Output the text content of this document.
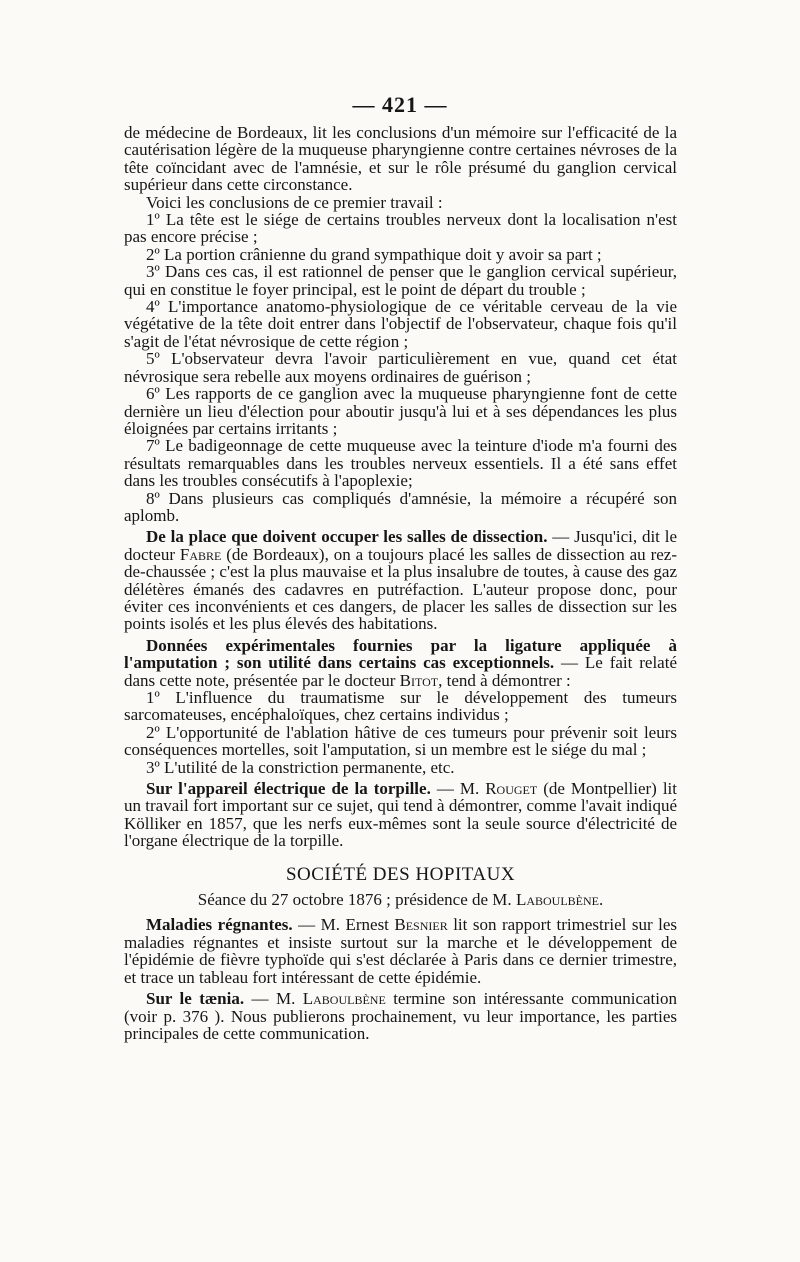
— 421 —

de médecine de Bordeaux, lit les conclusions d'un mémoire sur l'efficacité de la cautérisation légère de la muqueuse pharyngienne contre certaines névroses de la tête coïncidant avec de l'amnésie, et sur le rôle présumé du ganglion cervical supérieur dans cette circonstance.

Voici les conclusions de ce premier travail :

1º La tête est le siége de certains troubles nerveux dont la localisation n'est pas encore précise ;

2º La portion crânienne du grand sympathique doit y avoir sa part ;

3º Dans ces cas, il est rationnel de penser que le ganglion cervical supérieur, qui en constitue le foyer principal, est le point de départ du trouble ;

4º L'importance anatomo-physiologique de ce véritable cerveau de la vie végétative de la tête doit entrer dans l'objectif de l'observateur, chaque fois qu'il s'agit de l'état névrosique de cette région ;

5º L'observateur devra l'avoir particulièrement en vue, quand cet état névrosique sera rebelle aux moyens ordinaires de guérison ;

6º Les rapports de ce ganglion avec la muqueuse pharyngienne font de cette dernière un lieu d'élection pour aboutir jusqu'à lui et à ses dépendances les plus éloignées par certains irritants ;

7º Le badigeonnage de cette muqueuse avec la teinture d'iode m'a fourni des résultats remarquables dans les troubles nerveux essentiels. Il a été sans effet dans les troubles consécutifs à l'apoplexie;

8º Dans plusieurs cas compliqués d'amnésie, la mémoire a récupéré son aplomb.

De la place que doivent occuper les salles de dissection. — Jusqu'ici, dit le docteur Fabre (de Bordeaux), on a toujours placé les salles de dissection au rez-de-chaussée ; c'est la plus mauvaise et la plus insalubre de toutes, à cause des gaz délétères émanés des cadavres en putréfaction. L'auteur propose donc, pour éviter ces inconvénients et ces dangers, de placer les salles de dissection sur les points isolés et les plus élevés des habitations.

Données expérimentales fournies par la ligature appliquée à l'amputation ; son utilité dans certains cas exceptionnels. — Le fait relaté dans cette note, présentée par le docteur Bitot, tend à démontrer :

1º L'influence du traumatisme sur le développement des tumeurs sarcomateuses, encéphaloïques, chez certains individus ;

2º L'opportunité de l'ablation hâtive de ces tumeurs pour prévenir soit leurs conséquences mortelles, soit l'amputation, si un membre est le siége du mal ;

3º L'utilité de la constriction permanente, etc.

Sur l'appareil électrique de la torpille. — M. Rouget (de Montpellier) lit un travail fort important sur ce sujet, qui tend à démontrer, comme l'avait indiqué Kölliker en 1857, que les nerfs eux-mêmes sont la seule source d'électricité de l'organe électrique de la torpille.

SOCIÉTÉ DES HOPITAUX

Séance du 27 octobre 1876 ; présidence de M. Laboulbène.

Maladies régnantes. — M. Ernest Besnier lit son rapport trimestriel sur les maladies régnantes et insiste surtout sur la marche et le développement de l'épidémie de fièvre typhoïde qui s'est déclarée à Paris dans ce dernier trimestre, et trace un tableau fort intéressant de cette épidémie.

Sur le tænia. — M. Laboulbène termine son intéressante communication (voir p. 376 ). Nous publierons prochainement, vu leur importance, les parties principales de cette communication.
